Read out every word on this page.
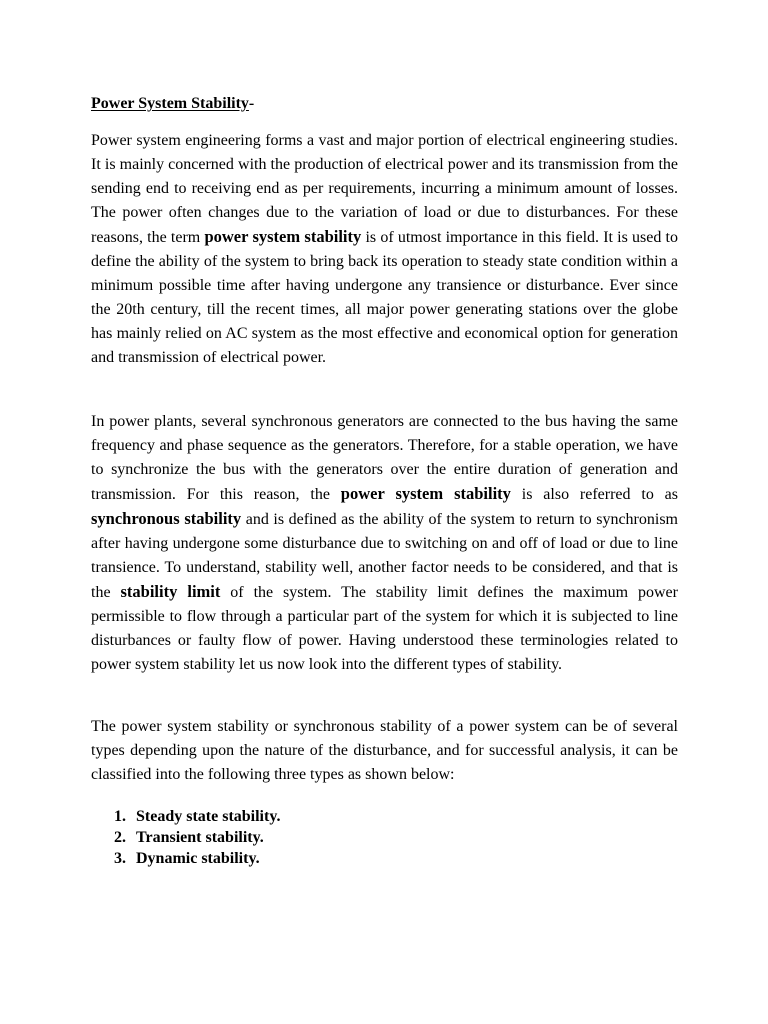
Power System Stability-

Power system engineering forms a vast and major portion of electrical engineering studies. It is mainly concerned with the production of electrical power and its transmission from the sending end to receiving end as per requirements, incurring a minimum amount of losses. The power often changes due to the variation of load or due to disturbances. For these reasons, the term power system stability is of utmost importance in this field. It is used to define the ability of the system to bring back its operation to steady state condition within a minimum possible time after having undergone any transience or disturbance. Ever since the 20th century, till the recent times, all major power generating stations over the globe has mainly relied on AC system as the most effective and economical option for generation and transmission of electrical power.

In power plants, several synchronous generators are connected to the bus having the same frequency and phase sequence as the generators. Therefore, for a stable operation, we have to synchronize the bus with the generators over the entire duration of generation and transmission. For this reason, the power system stability is also referred to as synchronous stability and is defined as the ability of the system to return to synchronism after having undergone some disturbance due to switching on and off of load or due to line transience. To understand, stability well, another factor needs to be considered, and that is the stability limit of the system. The stability limit defines the maximum power permissible to flow through a particular part of the system for which it is subjected to line disturbances or faulty flow of power. Having understood these terminologies related to power system stability let us now look into the different types of stability.

The power system stability or synchronous stability of a power system can be of several types depending upon the nature of the disturbance, and for successful analysis, it can be classified into the following three types as shown below:

1. Steady state stability.
2. Transient stability.
3. Dynamic stability.
